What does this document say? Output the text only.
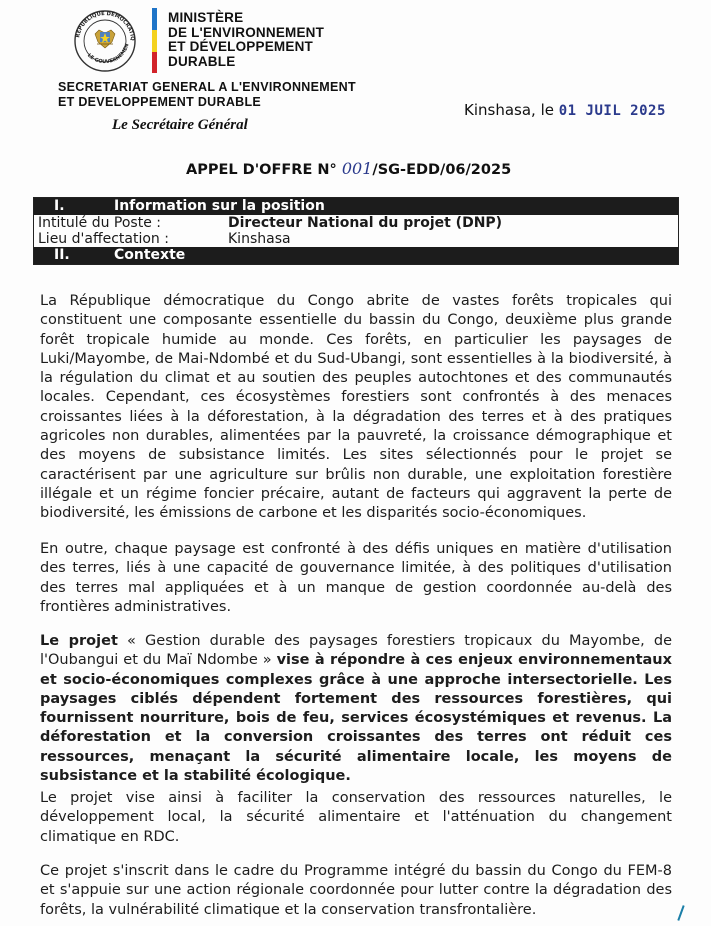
RÉPUBLIQUE DÉMOCRATIQ
LE GOUVERNEMEN
MINISTÈRE
DE L'ENVIRONNEMENT
ET DÉVELOPPEMENT
DURABLE
SECRETARIAT GENERAL A L'ENVIRONNEMENT
ET DEVELOPPEMENT DURABLE
Le Secrétaire Général
Kinshasa, le 01 JUIL 2025
APPEL D'OFFRE N° 001/SG-EDD/06/2025
I.	Information sur la position
Intitulé du Poste :	Directeur National du projet (DNP)
Lieu d'affectation :	Kinshasa
II.	Contexte
La République démocratique du Congo abrite de vastes forêts tropicales qui constituent une composante essentielle du bassin du Congo, deuxième plus grande forêt tropicale humide au monde. Ces forêts, en particulier les paysages de Luki/Mayombe, de Mai-Ndombé et du Sud-Ubangi, sont essentielles à la biodiversité, à la régulation du climat et au soutien des peuples autochtones et des communautés locales. Cependant, ces écosystèmes forestiers sont confrontés à des menaces croissantes liées à la déforestation, à la dégradation des terres et à des pratiques agricoles non durables, alimentées par la pauvreté, la croissance démographique et des moyens de subsistance limités. Les sites sélectionnés pour le projet se caractérisent par une agriculture sur brûlis non durable, une exploitation forestière illégale et un régime foncier précaire, autant de facteurs qui aggravent la perte de biodiversité, les émissions de carbone et les disparités socio-économiques.
En outre, chaque paysage est confronté à des défis uniques en matière d'utilisation des terres, liés à une capacité de gouvernance limitée, à des politiques d'utilisation des terres mal appliquées et à un manque de gestion coordonnée au-delà des frontières administratives.
Le projet « Gestion durable des paysages forestiers tropicaux du Mayombe, de l'Oubangui et du Maï Ndombe » vise à répondre à ces enjeux environnementaux et socio-économiques complexes grâce à une approche intersectorielle. Les paysages ciblés dépendent fortement des ressources forestières, qui fournissent nourriture, bois de feu, services écosystémiques et revenus. La déforestation et la conversion croissantes des terres ont réduit ces ressources, menaçant la sécurité alimentaire locale, les moyens de subsistance et la stabilité écologique.
Le projet vise ainsi à faciliter la conservation des ressources naturelles, le développement local, la sécurité alimentaire et l'atténuation du changement climatique en RDC.
Ce projet s'inscrit dans le cadre du Programme intégré du bassin du Congo du FEM-8 et s'appuie sur une action régionale coordonnée pour lutter contre la dégradation des forêts, la vulnérabilité climatique et la conservation transfrontalière.
